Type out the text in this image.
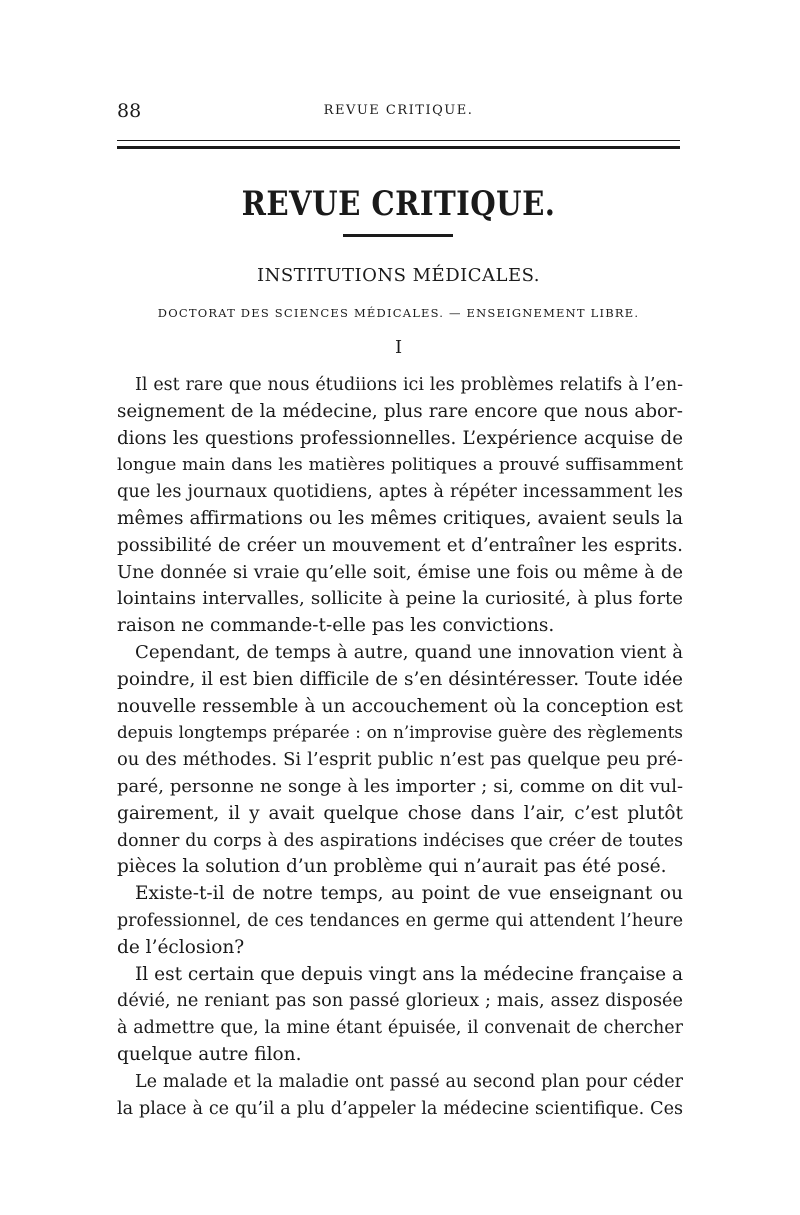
88	REVUE CRITIQUE.
REVUE CRITIQUE.
INSTITUTIONS MÉDICALES.
DOCTORAT DES SCIENCES MÉDICALES. — ENSEIGNEMENT LIBRE.
I
Il est rare que nous étudiions ici les problèmes relatifs à l’en-
seignement de la médecine, plus rare encore que nous abor-
dions les questions professionnelles. L’expérience acquise de
longue main dans les matières politiques a prouvé suffisamment
que les journaux quotidiens, aptes à répéter incessamment les
mêmes affirmations ou les mêmes critiques, avaient seuls la
possibilité de créer un mouvement et d’entraîner les esprits.
Une donnée si vraie qu’elle soit, émise une fois ou même à de
lointains intervalles, sollicite à peine la curiosité, à plus forte
raison ne commande-t-elle pas les convictions.
Cependant, de temps à autre, quand une innovation vient à
poindre, il est bien difficile de s’en désintéresser. Toute idée
nouvelle ressemble à un accouchement où la conception est
depuis longtemps préparée : on n’improvise guère des règlements
ou des méthodes. Si l’esprit public n’est pas quelque peu pré-
paré, personne ne songe à les importer ; si, comme on dit vul-
gairement, il y avait quelque chose dans l’air, c’est plutôt
donner du corps à des aspirations indécises que créer de toutes
pièces la solution d’un problème qui n’aurait pas été posé.
Existe-t-il de notre temps, au point de vue enseignant ou
professionnel, de ces tendances en germe qui attendent l’heure
de l’éclosion?
Il est certain que depuis vingt ans la médecine française a
dévié, ne reniant pas son passé glorieux ; mais, assez disposée
à admettre que, la mine étant épuisée, il convenait de chercher
quelque autre filon.
Le malade et la maladie ont passé au second plan pour céder
la place à ce qu’il a plu d’appeler la médecine scientifique. Ces
